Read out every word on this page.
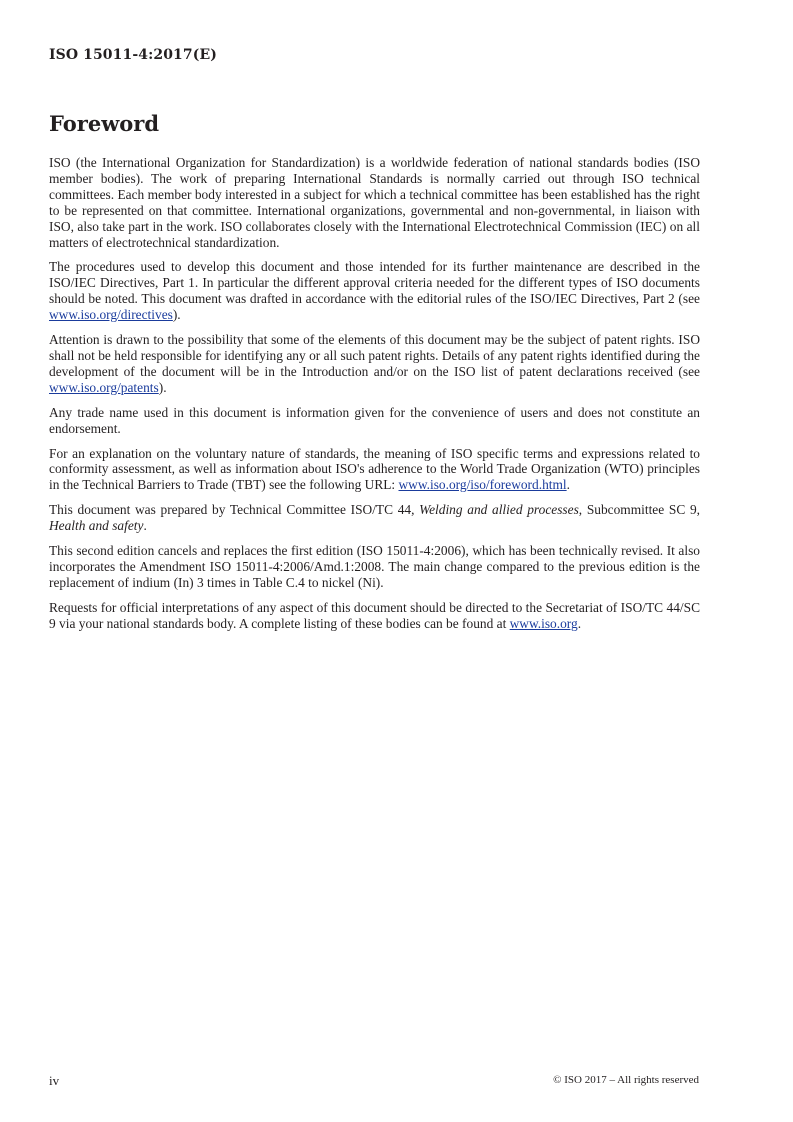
ISO 15011-4:2017(E)
Foreword

ISO (the International Organization for Standardization) is a worldwide federation of national standards bodies (ISO member bodies). The work of preparing International Standards is normally carried out through ISO technical committees. Each member body interested in a subject for which a technical committee has been established has the right to be represented on that committee. International organizations, governmental and non-governmental, in liaison with ISO, also take part in the work. ISO collaborates closely with the International Electrotechnical Commission (IEC) on all matters of electrotechnical standardization.

The procedures used to develop this document and those intended for its further maintenance are described in the ISO/IEC Directives, Part 1. In particular the different approval criteria needed for the different types of ISO documents should be noted. This document was drafted in accordance with the editorial rules of the ISO/IEC Directives, Part 2 (see www.iso.org/directives).

Attention is drawn to the possibility that some of the elements of this document may be the subject of patent rights. ISO shall not be held responsible for identifying any or all such patent rights. Details of any patent rights identified during the development of the document will be in the Introduction and/or on the ISO list of patent declarations received (see www.iso.org/patents).

Any trade name used in this document is information given for the convenience of users and does not constitute an endorsement.

For an explanation on the voluntary nature of standards, the meaning of ISO specific terms and expressions related to conformity assessment, as well as information about ISO's adherence to the World Trade Organization (WTO) principles in the Technical Barriers to Trade (TBT) see the following URL: www.iso.org/iso/foreword.html.

This document was prepared by Technical Committee ISO/TC 44, Welding and allied processes, Subcommittee SC 9, Health and safety.

This second edition cancels and replaces the first edition (ISO 15011-4:2006), which has been technically revised. It also incorporates the Amendment ISO 15011-4:2006/Amd.1:2008. The main change compared to the previous edition is the replacement of indium (In) 3 times in Table C.4 to nickel (Ni).

Requests for official interpretations of any aspect of this document should be directed to the Secretariat of ISO/TC 44/SC 9 via your national standards body. A complete listing of these bodies can be found at www.iso.org.

iv	© ISO 2017 – All rights reserved
